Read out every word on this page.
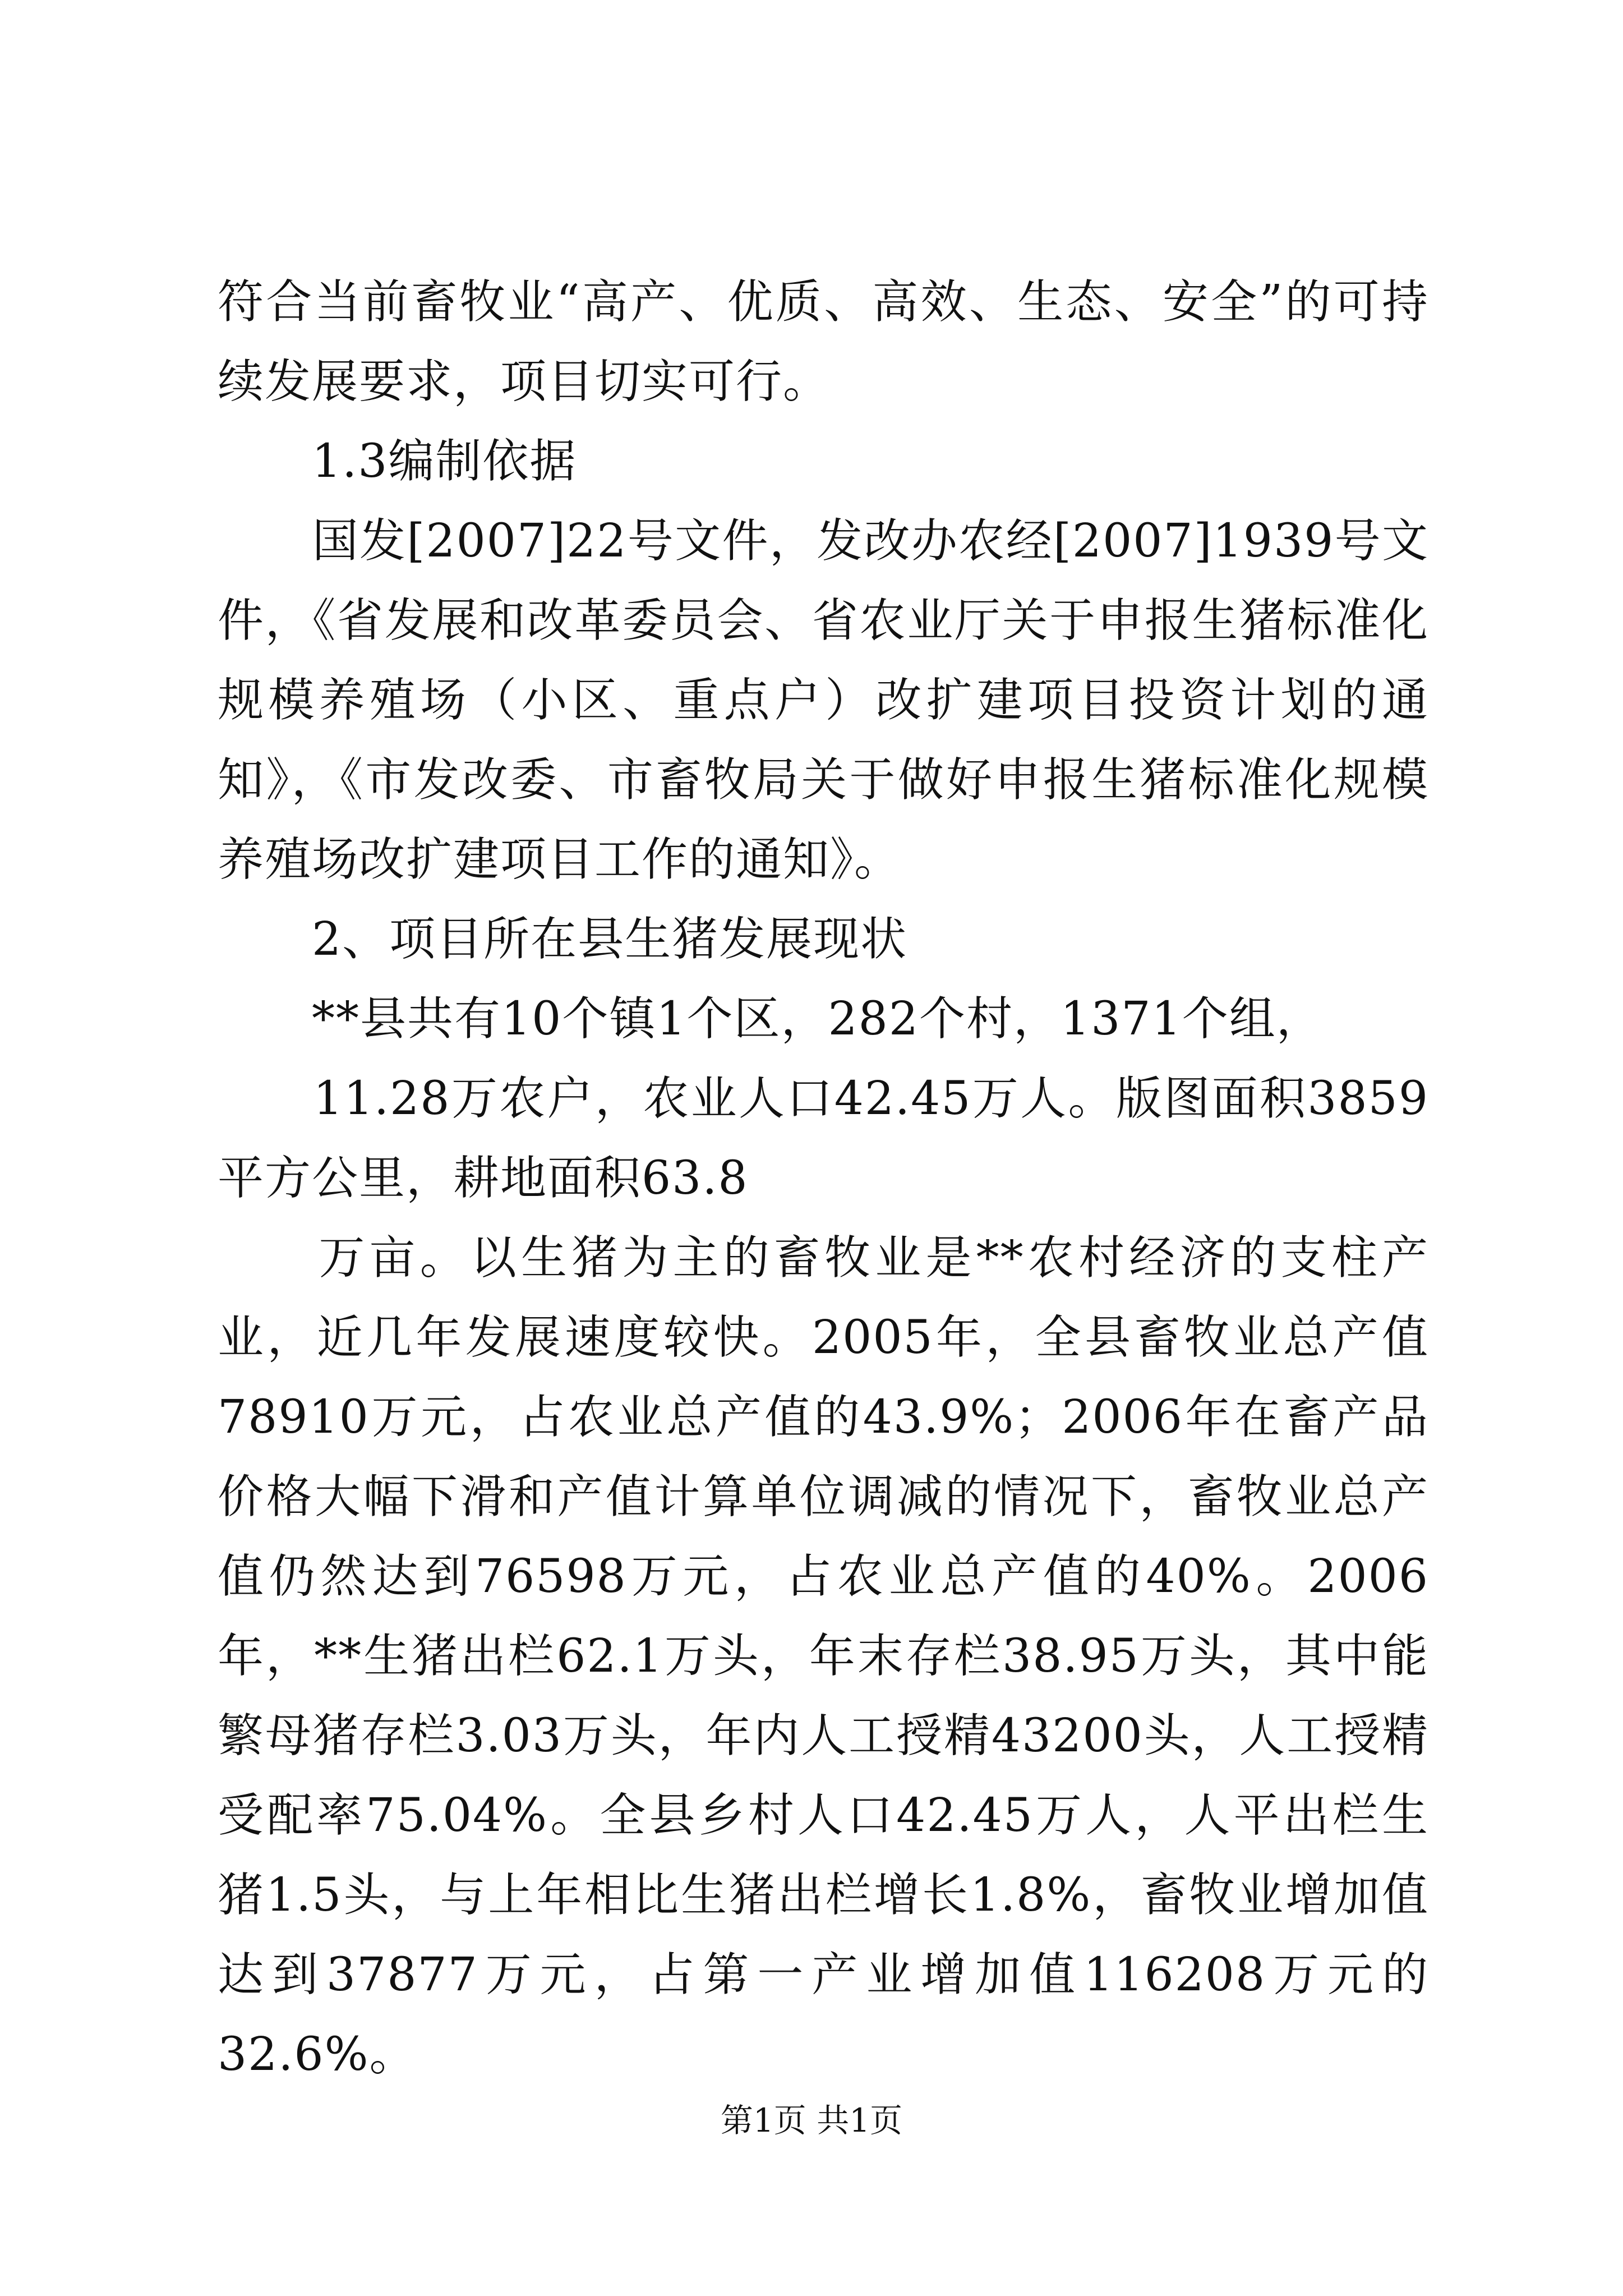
符合当前畜牧业“高产、优质、高效、生态、安全”的可持续发展要求，项目切实可行。

　　1.3编制依据

　　国发[2007]22号文件，发改办农经[2007]1939号文件，《省发展和改革委员会、省农业厅关于申报生猪标准化规模养殖场（小区、重点户）改扩建项目投资计划的通知》，《市发改委、市畜牧局关于做好申报生猪标准化规模养殖场改扩建项目工作的通知》。

　　2、项目所在县生猪发展现状

　　**县共有10个镇1个区，282个村，1371个组，

　　11.28万农户，农业人口42.45万人。版图面积3859平方公里，耕地面积63.8

　　万亩。以生猪为主的畜牧业是**农村经济的支柱产业，近几年发展速度较快。2005年，全县畜牧业总产值78910万元，占农业总产值的43.9%；2006年在畜产品价格大幅下滑和产值计算单位调减的情况下，畜牧业总产值仍然达到76598万元，占农业总产值的40%。2006年，**生猪出栏62.1万头，年末存栏38.95万头，其中能繁母猪存栏3.03万头，年内人工授精43200头，人工授精受配率75.04%。全县乡村人口42.45万人，人平出栏生猪1.5头，与上年相比生猪出栏增长1.8%，畜牧业增加值达到37877万元，占第一产业增加值116208万元的32.6%。

第1页 共1页
